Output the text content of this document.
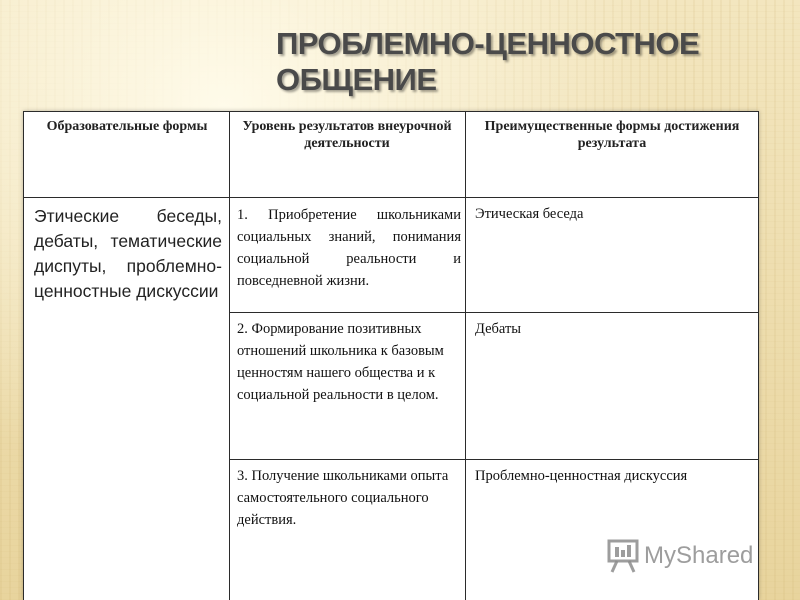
ПРОБЛЕМНО-ЦЕННОСТНОЕ
ОБЩЕНИЕ
Образовательные формы	Уровень результатов внеурочной деятельности
Преимущественные формы достижения результата
Этические беседы, дебаты, тематические диспуты, проблемно-ценностные дискуссии
1. Приобретение школьниками социальных знаний, понимания социальной реальности и повседневной жизни.
Этическая беседа
2. Формирование позитивных отношений школьника к базовым ценностям нашего общества и к социальной реальности в целом.
Дебаты
3. Получение школьниками опыта самостоятельного социального действия.
Проблемно-ценностная дискуссия
MyShared
